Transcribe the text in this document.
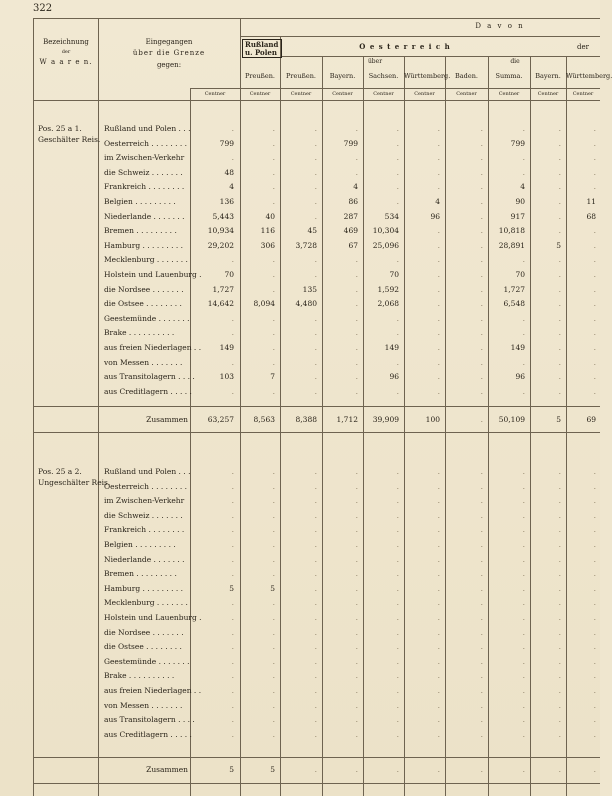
322
Bezeichnung
der
W a a r e n.
Eingegangen
über die Grenze
gegen:
D a v o n
Rußland u. Polen
O e s t e r r e i c h	der
über	die
Preußen.	Preußen.	Bayern.	Sachsen. Württemberg. Baden.	Summa.	Bayern. Württemberg.
Centner	Centner	Centner	Centner	Centner	Centner	Centner	Centner	Centner	Centner
Pos. 25 a 1.
Geschälter Reis.
Pos. 25 a 2.
Ungeschälter Reis.
Rußland und Polen . . .	.	.	.	.	.	.	.	.	.	.
Oesterreich . . . . . . . .	799	.	.	799	.	.	.	799	.	.
im Zwischen-Verkehr	.	.	.	.	.	.	.	.	.	.
die Schweiz . . . . . . .	48	.	.	.	.	.	.	.	.	.
Frankreich . . . . . . . .	4	.	.	4	.	.	.	4	.	.
Belgien . . . . . . . . .	136	.	.	86	.	4	.	90	.	11
Niederlande . . . . . . .	5,443	40	.	287	534	96	.	917	.	68
Bremen . . . . . . . . .	10,934	116	45	469	10,304	.	.	10,818	.	.
Hamburg . . . . . . . . .	29,202	306	3,728	67	25,096	.	.	28,891	5	.
Mecklenburg . . . . . . .	.	.	.	.	.	.	.	.	.	.
Holstein und Lauenburg .	70	.	.	.	70	.	.	70	.	.
die Nordsee . . . . . . .	1,727	.	135	.	1,592	.	.	1,727	.	.
die Ostsee . . . . . . . .	14,642	8,094	4,480	.	2,068	.	.	6,548	.	.
Geestemünde . . . . . . .	.	.	.	.	.	.	.	.	.	.
Brake . . . . . . . . . .	.	.	.	.	.	.	.	.	.	.
aus freien Niederlagen . .	149	.	.	.	149	.	.	149	.	.
von Messen . . . . . . .	.	.	.	.	.	.	.	.	.	.
aus Transitolagern . . . .	103	7	.	.	96	.	.	96	.	.
aus Creditlagern . . . . .	.	.	.	.	.	.	.	.	.	.
Zusammen	63,257	8,563	8,388	1,712	39,909	100	.	50,109	5	69
Rußland und Polen . . .	.	.	.	.	.	.	.	.	.	.
Oesterreich . . . . . . . .	.	.	.	.	.	.	.	.	.	.
im Zwischen-Verkehr	.	.	.	.	.	.	.	.	.	.
die Schweiz . . . . . . .	.	.	.	.	.	.	.	.	.	.
Frankreich . . . . . . . .	.	.	.	.	.	.	.	.	.	.
Belgien . . . . . . . . .	.	.	.	.	.	.	.	.	.	.
Niederlande . . . . . . .	.	.	.	.	.	.	.	.	.	.
Bremen . . . . . . . . .	.	.	.	.	.	.	.	.	.	.
Hamburg . . . . . . . . .	5	5	.	.	.	.	.	.	.	.
Mecklenburg . . . . . . .	.	.	.	.	.	.	.	.	.	.
Holstein und Lauenburg .	.	.	.	.	.	.	.	.	.	.
die Nordsee . . . . . . .	.	.	.	.	.	.	.	.	.	.
die Ostsee . . . . . . . .	.	.	.	.	.	.	.	.	.	.
Geestemünde . . . . . . .	.	.	.	.	.	.	.	.	.	.
Brake . . . . . . . . . .	.	.	.	.	.	.	.	.	.	.
aus freien Niederlagen . .	.	.	.	.	.	.	.	.	.	.
von Messen . . . . . . .	.	.	.	.	.	.	.	.	.	.
aus Transitolagern . . . .	.	.	.	.	.	.	.	.	.	.
aus Creditlagern . . . . .	.	.	.	.	.	.	.	.	.	.
Zusammen	5	5	.	.	.	.	.	.	.	.
